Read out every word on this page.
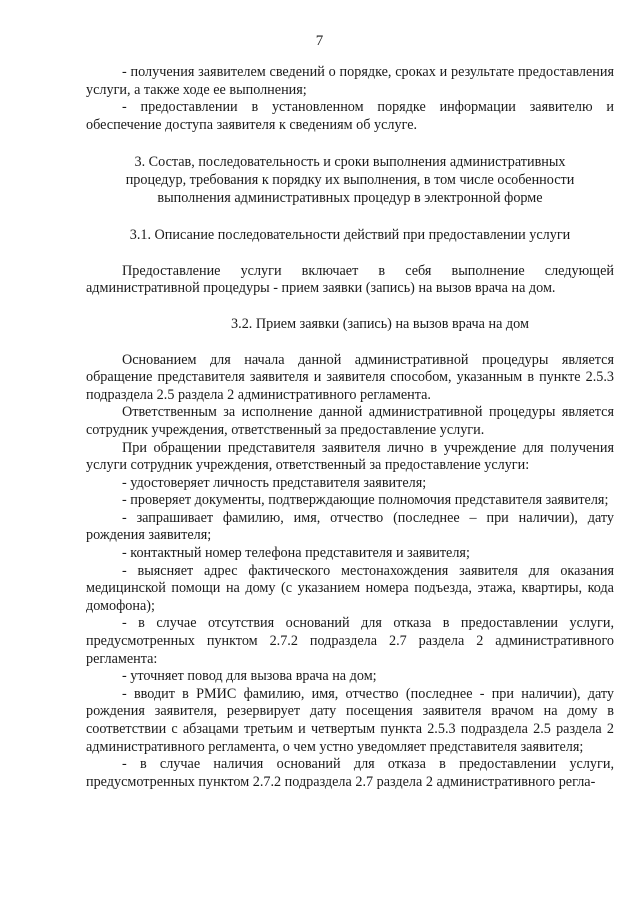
7

- получения заявителем сведений о порядке, сроках и результате предоставления услуги, а также ходе ее выполнения;

- предоставлении в установленном порядке информации заявителю и обеспечение доступа заявителя к сведениям об услуге.

3. Состав, последовательность и сроки выполнения административных процедур, требования к порядку их выполнения, в том числе особенности выполнения административных процедур в электронной форме

3.1. Описание последовательности действий при предоставлении услуги

Предоставление услуги включает в себя выполнение следующей административной процедуры - прием заявки (запись) на вызов врача на дом.

3.2. Прием заявки (запись) на вызов врача на дом

Основанием для начала данной административной процедуры является обращение представителя заявителя и заявителя способом, указанным в пункте 2.5.3 подраздела 2.5 раздела 2 административного регламента.

Ответственным за исполнение данной административной процедуры является сотрудник учреждения, ответственный за предоставление услуги.

При обращении представителя заявителя лично в учреждение для получения услуги сотрудник учреждения, ответственный за предоставление услуги:

- удостоверяет личность представителя заявителя;

- проверяет документы, подтверждающие полномочия представителя заявителя;

- запрашивает фамилию, имя, отчество (последнее – при наличии), дату рождения заявителя;

- контактный номер телефона представителя и заявителя;

- выясняет адрес фактического местонахождения заявителя для оказания медицинской помощи на дому (с указанием номера подъезда, этажа, квартиры, кода домофона);

- в случае отсутствия оснований для отказа в предоставлении услуги, предусмотренных пунктом 2.7.2 подраздела 2.7 раздела 2 административного регламента:

- уточняет повод для вызова врача на дом;

- вводит в РМИС фамилию, имя, отчество (последнее - при наличии), дату рождения заявителя, резервирует дату посещения заявителя врачом на дому в соответствии с абзацами третьим и четвертым пункта 2.5.3 подраздела 2.5 раздела 2 административного регламента, о чем устно уведомляет представителя заявителя;

- в случае наличия оснований для отказа в предоставлении услуги, предусмотренных пунктом 2.7.2 подраздела 2.7 раздела 2 административного регла-
